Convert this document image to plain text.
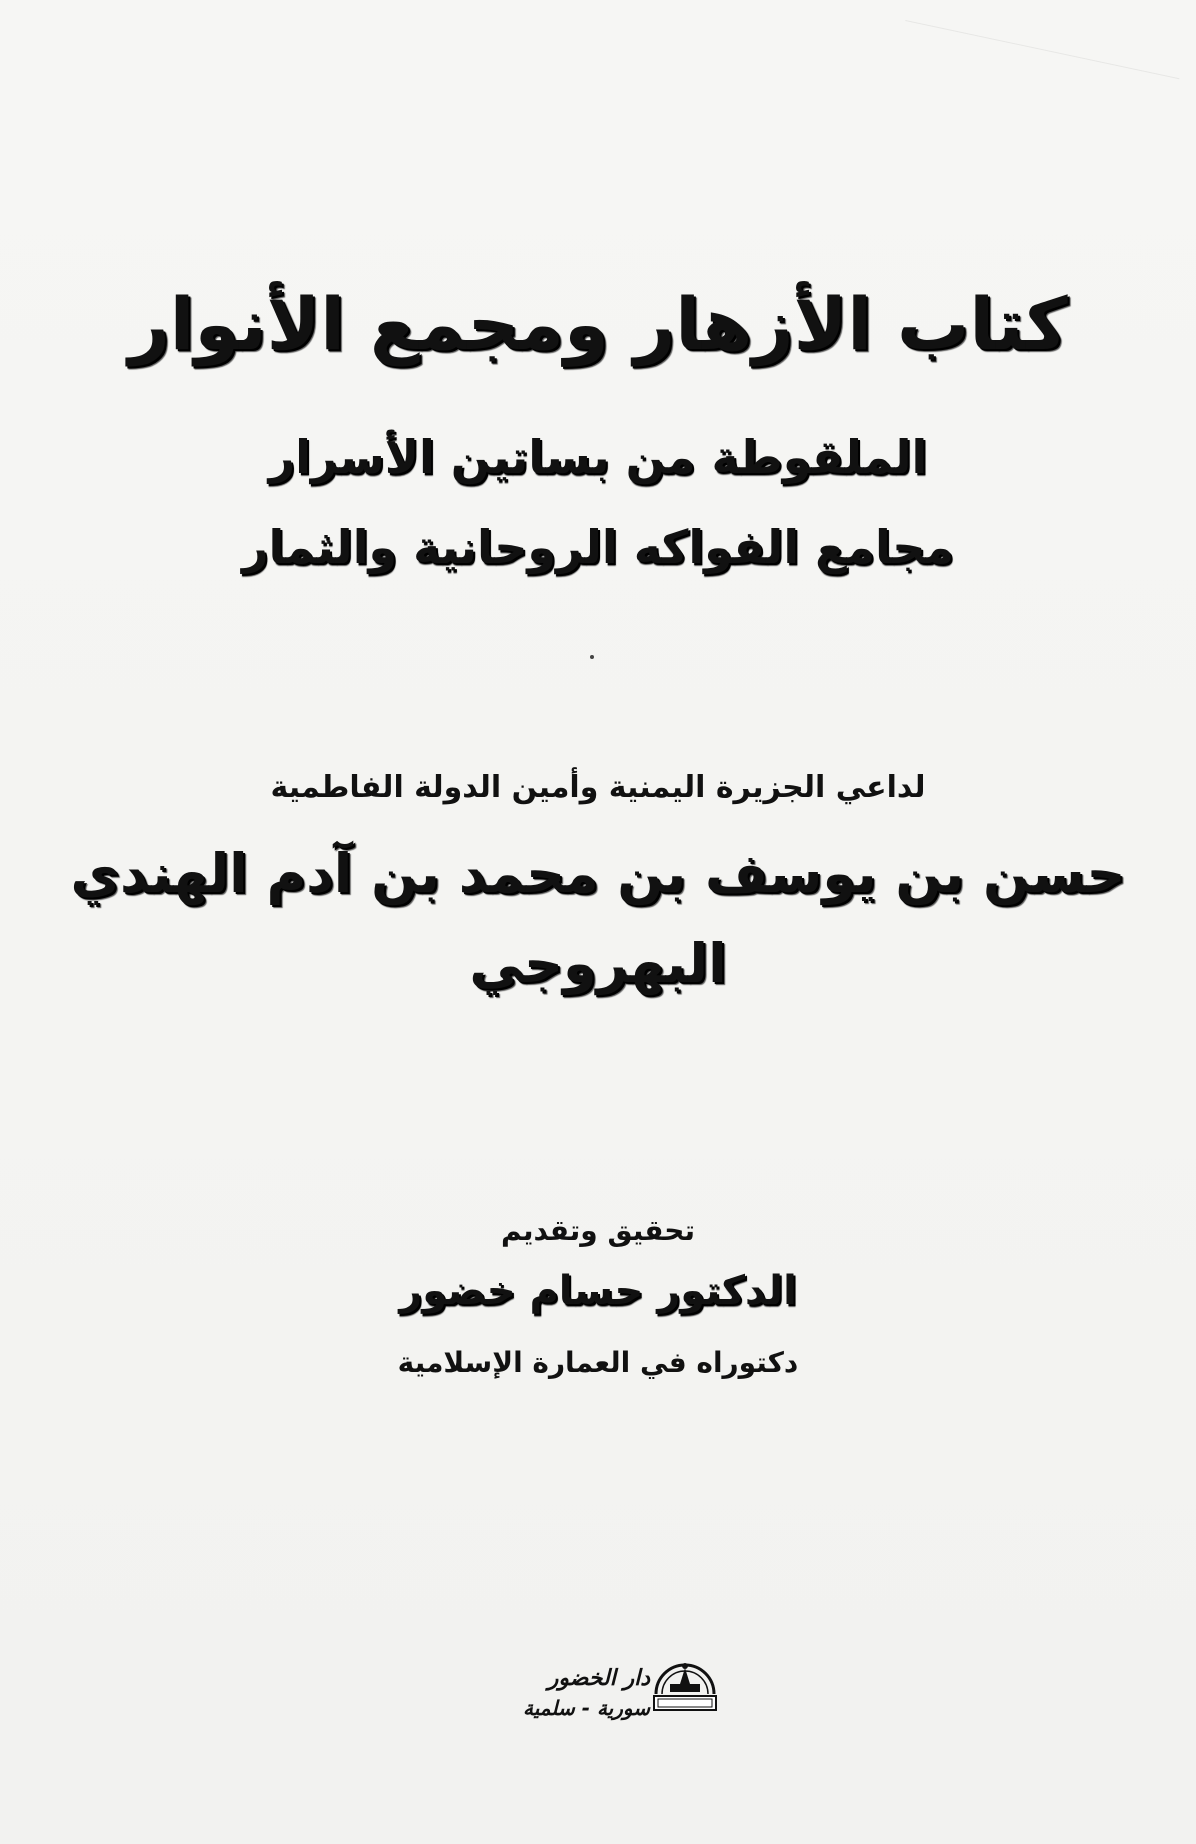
كتاب الأزهار ومجمع الأنوار
الملقوطة من بساتين الأسرار
مجامع الفواكه الروحانية والثمار
لداعي الجزيرة اليمنية وأمين الدولة الفاطمية
حسن بن يوسف بن محمد بن آدم الهندي
البهروجي
تحقيق وتقديم
الدكتور حسام خضور
دكتوراه في العمارة الإسلامية
دار الخضور
سورية - سلمية
